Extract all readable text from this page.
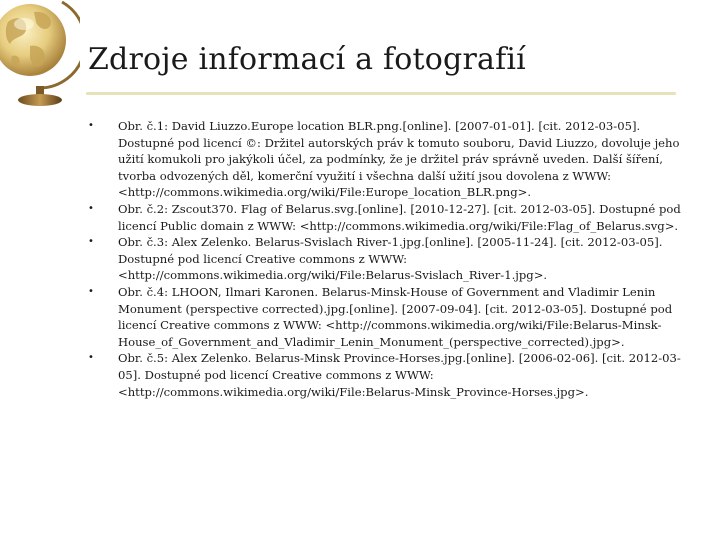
Zdroje informací a fotografií
•	Obr. č.1: David Liuzzo.Europe location BLR.png.[online]. [2007-01-01]. [cit. 2012-03-05]. Dostupné pod licencí ©: Držitel autorských práv k tomuto souboru, David Liuzzo, dovoluje jeho užití komukoli pro jakýkoli účel, za podmínky, že je držitel práv správně uveden. Další šíření, tvorba odvozených děl, komerční využití i všechna další užití jsou dovolena z WWW: <http://commons.wikimedia.org/wiki/File:Europe_location_BLR.png>.
•	Obr. č.2: Zscout370. Flag of Belarus.svg.[online]. [2010-12-27]. [cit. 2012-03-05]. Dostupné pod licencí Public domain z WWW: <http://commons.wikimedia.org/wiki/File:Flag_of_Belarus.svg>.
•	Obr. č.3: Alex Zelenko. Belarus-Svislach River-1.jpg.[online]. [2005-11-24]. [cit. 2012-03-05]. Dostupné pod licencí Creative commons z WWW: <http://commons.wikimedia.org/wiki/File:Belarus-Svislach_River-1.jpg>.
•	Obr. č.4: LHOON, Ilmari Karonen. Belarus-Minsk-House of Government and Vladimir Lenin Monument (perspective corrected).jpg.[online]. [2007-09-04]. [cit. 2012-03-05]. Dostupné pod licencí Creative commons z WWW: <http://commons.wikimedia.org/wiki/File:Belarus-Minsk-House_of_Government_and_Vladimir_Lenin_Monument_(perspective_corrected).jpg>.
•	Obr. č.5: Alex Zelenko. Belarus-Minsk Province-Horses.jpg.[online]. [2006-02-06]. [cit. 2012-03-05]. Dostupné pod licencí Creative commons z WWW: <http://commons.wikimedia.org/wiki/File:Belarus-Minsk_Province-Horses.jpg>.
